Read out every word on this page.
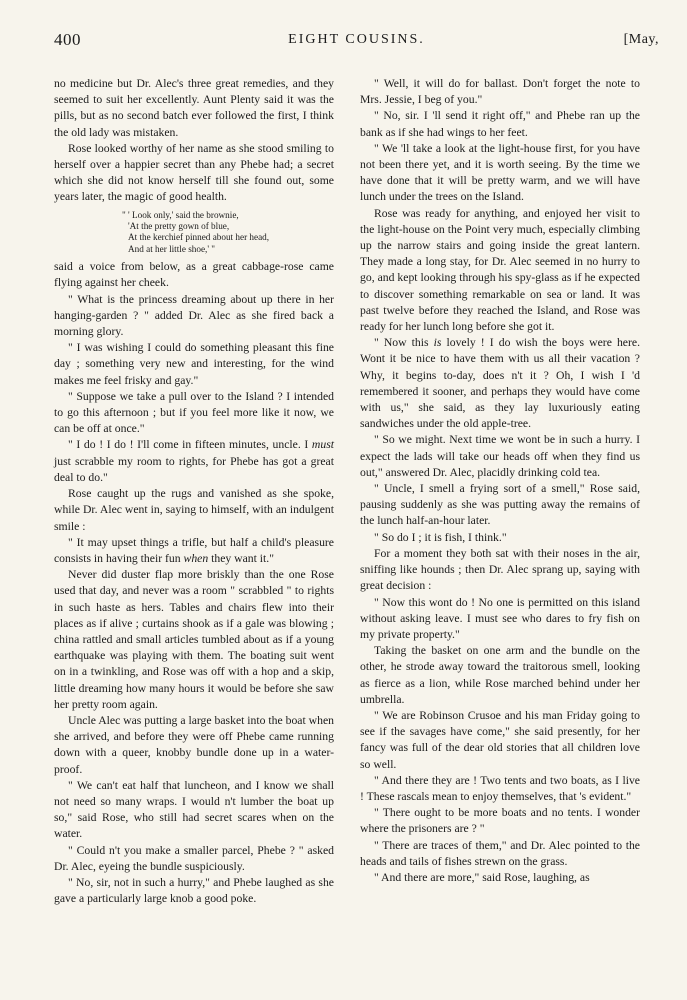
400	EIGHT COUSINS.	[May,

no medicine but Dr. Alec's three great remedies, and they seemed to suit her excellently. Aunt Plenty said it was the pills, but as no second batch ever followed the first, I think the old lady was mistaken.

Rose looked worthy of her name as she stood smiling to herself over a happier secret than any Phebe had; a secret which she did not know herself till she found out, some years later, the magic of good health.

" ' Look only,' said the brownie,
'At the pretty gown of blue,
At the kerchief pinned about her head,
And at her little shoe,' "

said a voice from below, as a great cabbage-rose came flying against her cheek.

" What is the princess dreaming about up there in her hanging-garden ? " added Dr. Alec as she fired back a morning glory.

" I was wishing I could do something pleasant this fine day ; something very new and interesting, for the wind makes me feel frisky and gay."

" Suppose we take a pull over to the Island ? I intended to go this afternoon ; but if you feel more like it now, we can be off at once."

" I do ! I do ! I'll come in fifteen minutes, uncle. I must just scrabble my room to rights, for Phebe has got a great deal to do."

Rose caught up the rugs and vanished as she spoke, while Dr. Alec went in, saying to himself, with an indulgent smile :

" It may upset things a trifle, but half a child's pleasure consists in having their fun when they want it."

Never did duster flap more briskly than the one Rose used that day, and never was a room " scrabbled " to rights in such haste as hers. Tables and chairs flew into their places as if alive ; curtains shook as if a gale was blowing ; china rattled and small articles tumbled about as if a young earthquake was playing with them. The boating suit went on in a twinkling, and Rose was off with a hop and a skip, little dreaming how many hours it would be before she saw her pretty room again.

Uncle Alec was putting a large basket into the boat when she arrived, and before they were off Phebe came running down with a queer, knobby bundle done up in a water-proof.

" We can't eat half that luncheon, and I know we shall not need so many wraps. I would n't lumber the boat up so," said Rose, who still had secret scares when on the water.

" Could n't you make a smaller parcel, Phebe ? " asked Dr. Alec, eyeing the bundle suspiciously.

" No, sir, not in such a hurry," and Phebe laughed as she gave a particularly large knob a good poke.

" Well, it will do for ballast. Don't forget the note to Mrs. Jessie, I beg of you."

" No, sir. I 'll send it right off," and Phebe ran up the bank as if she had wings to her feet.

" We 'll take a look at the light-house first, for you have not been there yet, and it is worth seeing. By the time we have done that it will be pretty warm, and we will have lunch under the trees on the Island.

Rose was ready for anything, and enjoyed her visit to the light-house on the Point very much, especially climbing up the narrow stairs and going inside the great lantern. They made a long stay, for Dr. Alec seemed in no hurry to go, and kept looking through his spy-glass as if he expected to discover something remarkable on sea or land. It was past twelve before they reached the Island, and Rose was ready for her lunch long before she got it.

" Now this is lovely ! I do wish the boys were here. Wont it be nice to have them with us all their vacation ? Why, it begins to-day, does n't it ? Oh, I wish I 'd remembered it sooner, and perhaps they would have come with us," she said, as they lay luxuriously eating sandwiches under the old apple-tree.

" So we might. Next time we wont be in such a hurry. I expect the lads will take our heads off when they find us out," answered Dr. Alec, placidly drinking cold tea.

" Uncle, I smell a frying sort of a smell," Rose said, pausing suddenly as she was putting away the remains of the lunch half-an-hour later.

" So do I ; it is fish, I think."

For a moment they both sat with their noses in the air, sniffing like hounds ; then Dr. Alec sprang up, saying with great decision :

" Now this wont do ! No one is permitted on this island without asking leave. I must see who dares to fry fish on my private property."

Taking the basket on one arm and the bundle on the other, he strode away toward the traitorous smell, looking as fierce as a lion, while Rose marched behind under her umbrella.

" We are Robinson Crusoe and his man Friday going to see if the savages have come," she said presently, for her fancy was full of the dear old stories that all children love so well.

" And there they are ! Two tents and two boats, as I live ! These rascals mean to enjoy themselves, that 's evident."

" There ought to be more boats and no tents. I wonder where the prisoners are ? "

" There are traces of them," and Dr. Alec pointed to the heads and tails of fishes strewn on the grass.

" And there are more," said Rose, laughing, as
